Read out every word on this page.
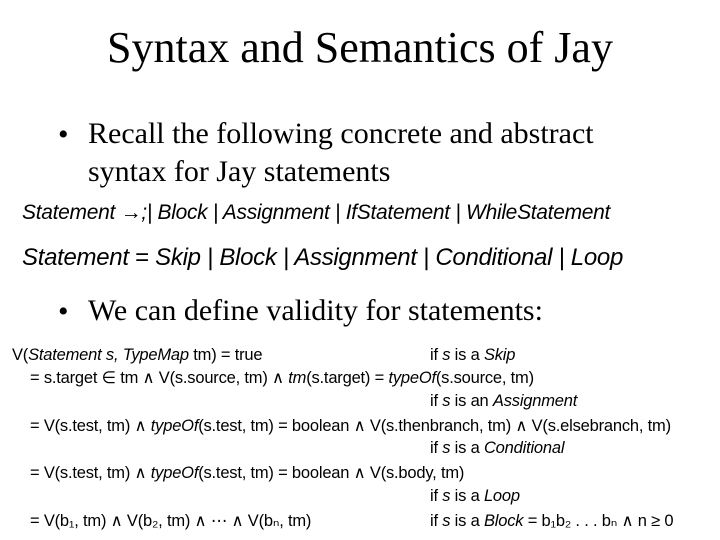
Syntax and Semantics of Jay
• Recall the following concrete and abstract
syntax for Jay statements
Statement →;| Block | Assignment | IfStatement | WhileStatement
Statement = Skip | Block | Assignment | Conditional | Loop
• We can define validity for statements:
V(Statement s, TypeMap tm) = true	if s is a Skip
= s.target ∈ tm ∧ V(s.source, tm) ∧ tm(s.target) = typeOf(s.source, tm)
if s is an Assignment
= V(s.test, tm) ∧ typeOf(s.test, tm) = boolean ∧ V(s.thenbranch, tm) ∧ V(s.elsebranch, tm)
if s is a Conditional
= V(s.test, tm) ∧ typeOf(s.test, tm) = boolean ∧ V(s.body, tm)
if s is a Loop
= V(b₁, tm) ∧ V(b₂, tm) ∧ ⋯ ∧ V(bₙ, tm)	if s is a Block = b₁b₂ . . . bₙ ∧ n ≥ 0
